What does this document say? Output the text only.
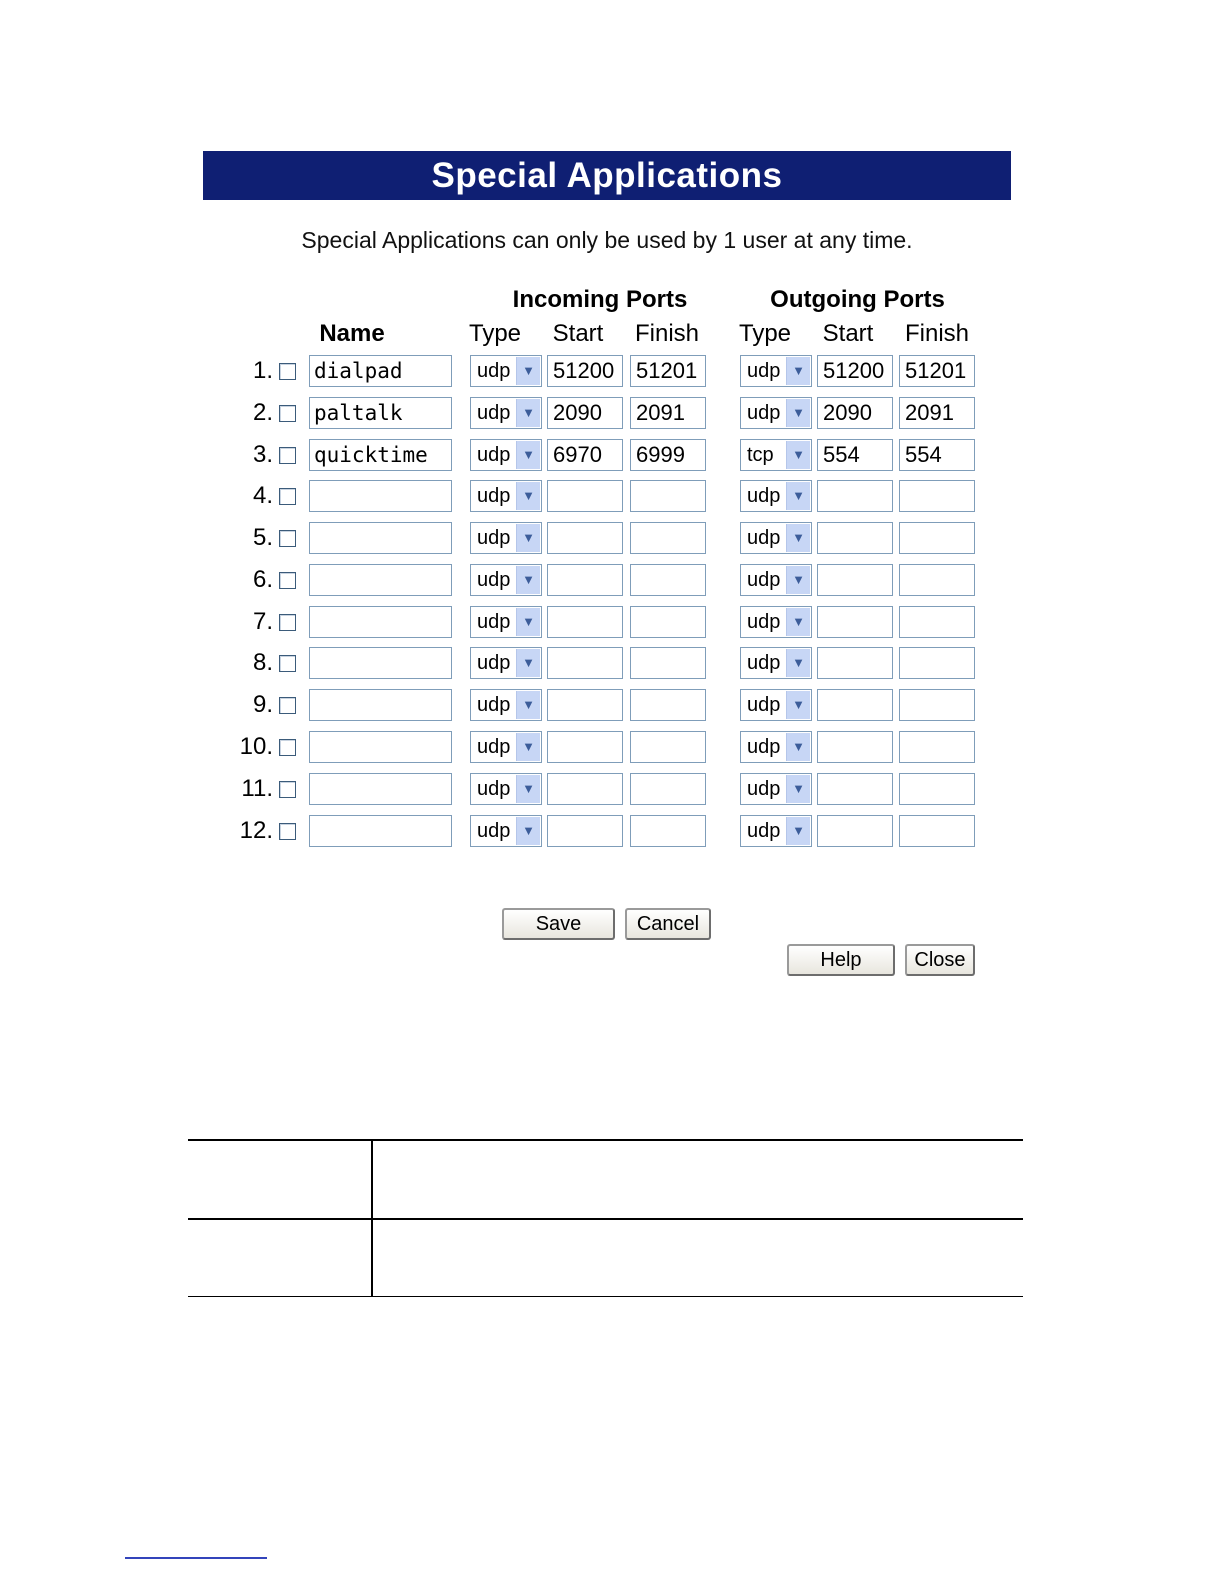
Special Applications
Special Applications can only be used by 1 user at any time.
Incoming Ports	Outgoing Ports
Name	Type Start Finish Type Start Finish
1. dialpad	udp ▼ 51200 51201	udp ▼ 51200 51201
2. paltalk	udp ▼ 2090	2091	udp ▼ 2090	2091
3. quicktime	udp ▼ 6970	6999	tcp	▼ 554	554
4.	udp ▼	udp ▼
5.	udp ▼	udp ▼
6.	udp ▼	udp ▼
7.	udp ▼	udp ▼
8.	udp ▼	udp ▼
9.	udp ▼	udp ▼
10.	udp ▼	udp ▼
11.	udp ▼	udp ▼
12.	udp ▼	udp ▼
Save	Cancel
Help	Close
